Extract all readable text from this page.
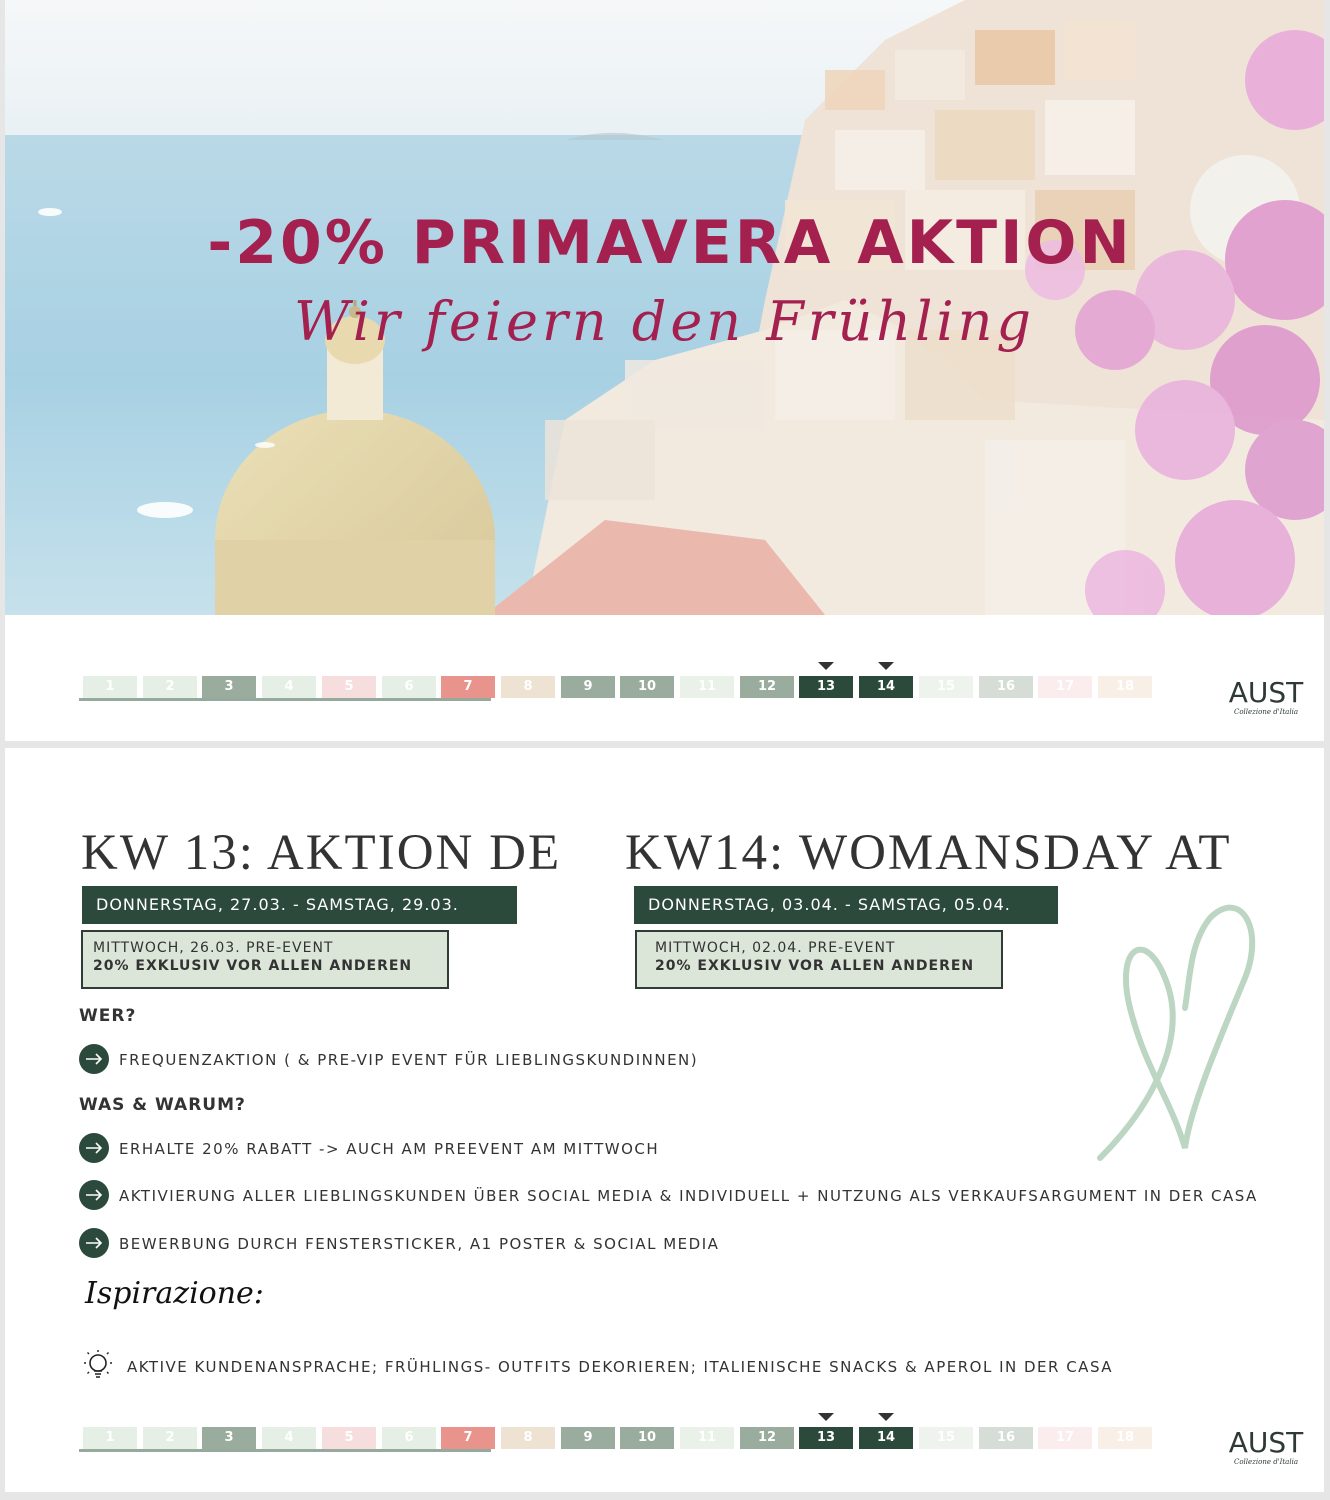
-20% PRIMAVERA AKTION
Wir feiern den Frühling
1	2	3	4	5	6	7	8	9	10	11	12	13	14	15	16	17	18	AUST
Collezione d'Italia
KW 13: AKTION DE KW14: WOMANSDAY AT
DONNERSTAG, 27.03. - SAMSTAG, 29.03.	DONNERSTAG, 03.04. - SAMSTAG, 05.04.
MITTWOCH, 26.03. PRE-EVENT
20% EXKLUSIV VOR ALLEN ANDEREN
MITTWOCH, 02.04. PRE-EVENT
20% EXKLUSIV VOR ALLEN ANDEREN
WER?
FREQUENZAKTION ( & PRE-VIP EVENT FÜR LIEBLINGSKUNDINNEN)
WAS & WARUM?
ERHALTE 20% RABATT -> AUCH AM PREEVENT AM MITTWOCH
AKTIVIERUNG ALLER LIEBLINGSKUNDEN ÜBER SOCIAL MEDIA & INDIVIDUELL + NUTZUNG ALS VERKAUFSARGUMENT IN DER CASA
BEWERBUNG DURCH FENSTERSTICKER, A1 POSTER & SOCIAL MEDIA
Ispirazione:
AKTIVE KUNDENANSPRACHE; FRÜHLINGS- OUTFITS DEKORIEREN; ITALIENISCHE SNACKS & APEROL IN DER CASA
1	2	3	4	5	6	7	8	9	10	11	12	13	14	15	16	17	18	AUST
Collezione d'Italia
